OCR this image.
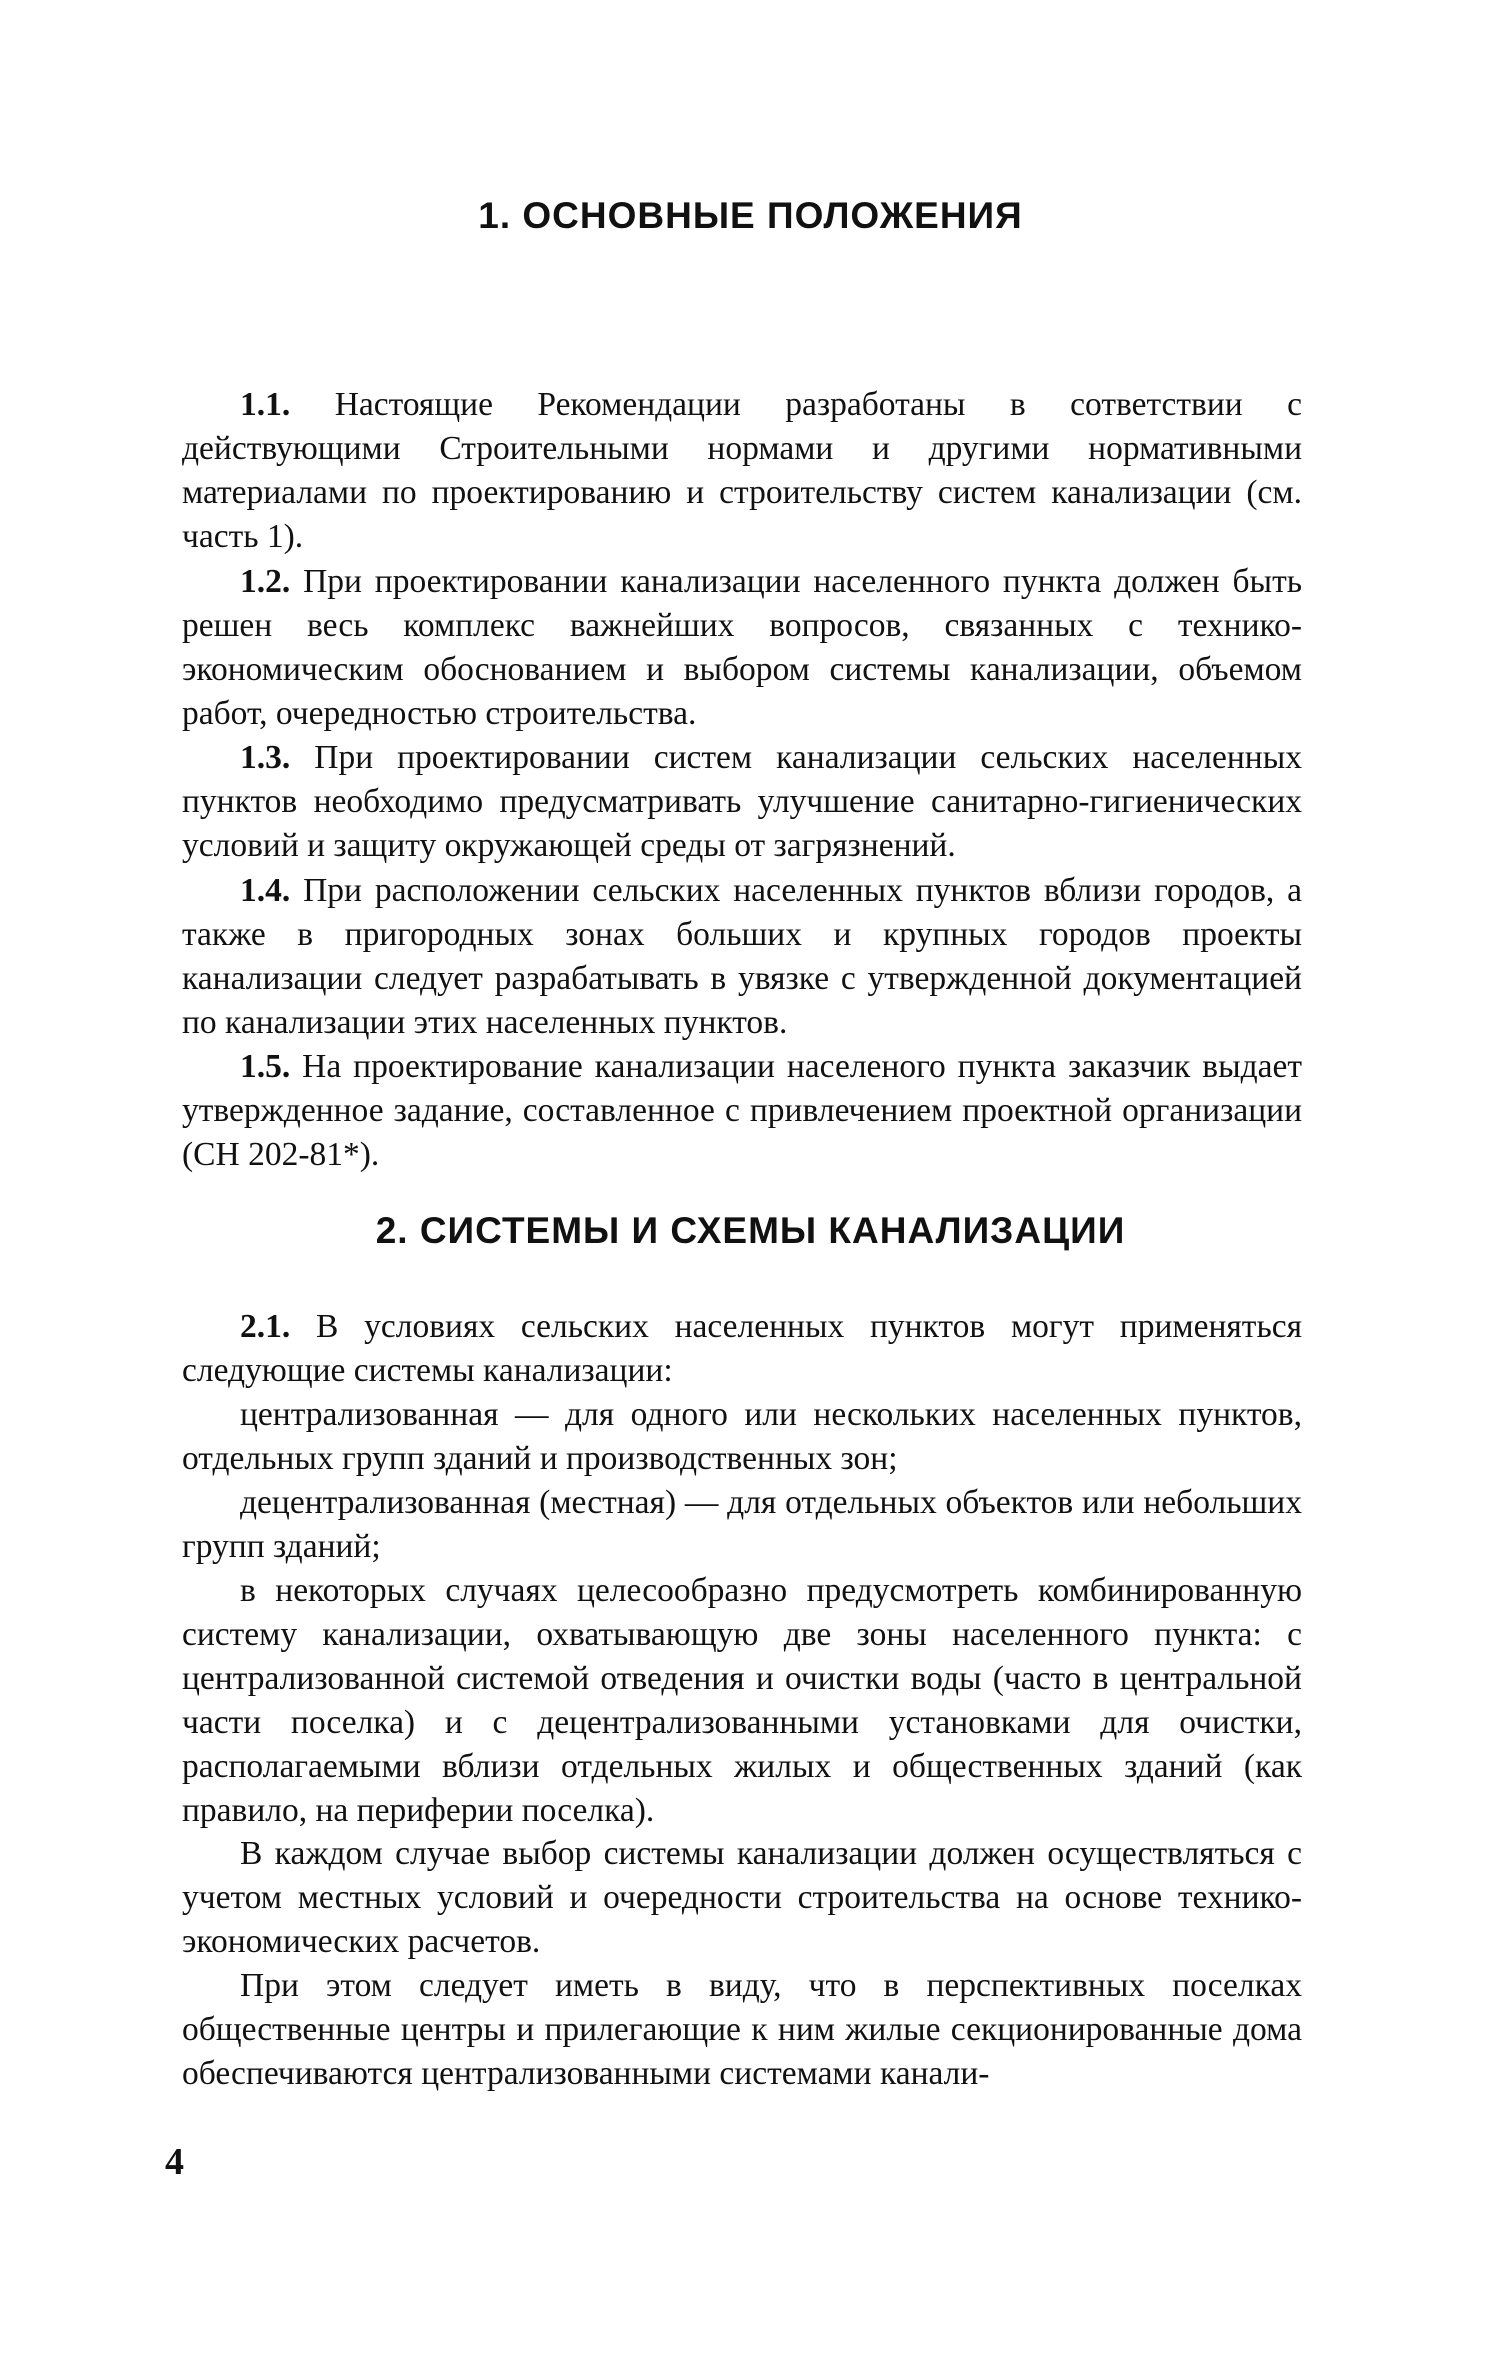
1. ОСНОВНЫЕ ПОЛОЖЕНИЯ

1.1. Настоящие Рекомендации разработаны в сответствии с действующими Строительными нормами и другими нормативными материалами по проектированию и строительству систем канализации (см. часть 1).

1.2. При проектировании канализации населенного пункта должен быть решен весь комплекс важнейших вопросов, связанных с технико-экономическим обоснованием и выбором системы канализации, объемом работ, очередностью строительства.

1.3. При проектировании систем канализации сельских населенных пунктов необходимо предусматривать улучшение санитарно-гигиенических условий и защиту окружающей среды от загрязнений.

1.4. При расположении сельских населенных пунктов вблизи городов, а также в пригородных зонах больших и крупных городов проекты канализации следует разрабатывать в увязке с утвержденной документацией по канализации этих населенных пунктов.

1.5. На проектирование канализации населеного пункта заказчик выдает утвержденное задание, составленное с привлечением проектной организации (СН 202-81*).

2. СИСТЕМЫ И СХЕМЫ КАНАЛИЗАЦИИ

2.1. В условиях сельских населенных пунктов могут применяться следующие системы канализации:

централизованная — для одного или нескольких населенных пунктов, отдельных групп зданий и производственных зон;

децентрализованная (местная) — для отдельных объектов или небольших групп зданий;

в некоторых случаях целесообразно предусмотреть комбинированную систему канализации, охватывающую две зоны населенного пункта: с централизованной системой отведения и очистки воды (часто в центральной части поселка) и с децентрализованными установками для очистки, располагаемыми вблизи отдельных жилых и общественных зданий (как правило, на периферии поселка).

В каждом случае выбор системы канализации должен осуществляться с учетом местных условий и очередности строительства на основе технико-экономических расчетов.

При этом следует иметь в виду, что в перспективных поселках общественные центры и прилегающие к ним жилые секционированные дома обеспечиваются централизованными системами канали-

4
